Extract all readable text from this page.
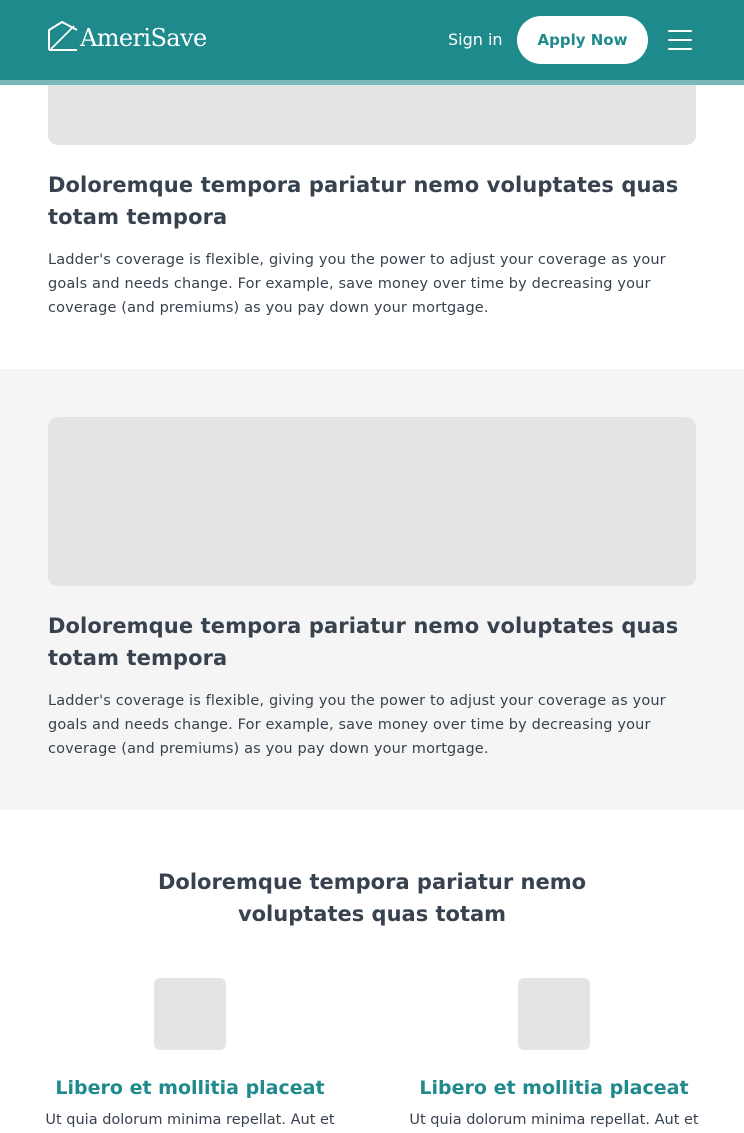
Doloremque tempora pariatur nemo voluptates quas totam tempora

Ladder's coverage is flexible, giving you the power to adjust your coverage as your goals and needs change. For example, save money over time by decreasing your coverage (and premiums) as you pay down your mortgage.

Doloremque tempora pariatur nemo voluptates quas totam tempora

Ladder's coverage is flexible, giving you the power to adjust your coverage as your goals and needs change. For example, save money over time by decreasing your coverage (and premiums) as you pay down your mortgage.

Doloremque tempora pariatur nemo voluptates quas totam
Libero et mollitia placeat
Ut quia dolorum minima repellat. Aut et
Libero et mollitia placeat
Ut quia dolorum minima repellat. Aut et
AmeriSave	Sign in	Apply Now
